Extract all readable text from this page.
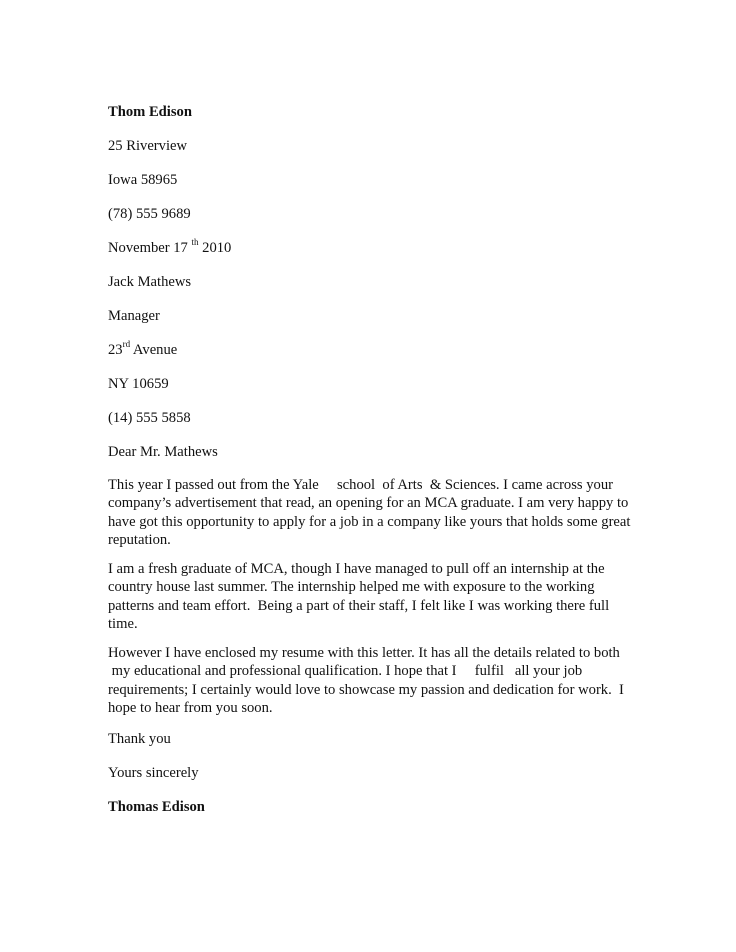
Thom Edison

25 Riverview

Iowa 58965

(78) 555 9689

November 17 $^{th}$ 2010

Jack Mathews

Manager

23rd Avenue

NY 10659

(14) 555 5858

Dear Mr. Mathews

This year I passed out from the Yale     school  of Arts  & Sciences. I came across your
company’s advertisement that read, an opening for an MCA graduate. I am very happy to
have got this opportunity to apply for a job in a company like yours that holds some great
reputation.

I am a fresh graduate of MCA, though I have managed to pull off an internship at the
country house last summer. The internship helped me with exposure to the working
patterns and team effort.  Being a part of their staff, I felt like I was working there full
time.

However I have enclosed my resume with this letter. It has all the details related to both
my educational and professional qualification. I hope that I     fulfil   all your job
requirements; I certainly would love to showcase my passion and dedication for work.  I
hope to hear from you soon.

Thank you

Yours sincerely

Thomas Edison
